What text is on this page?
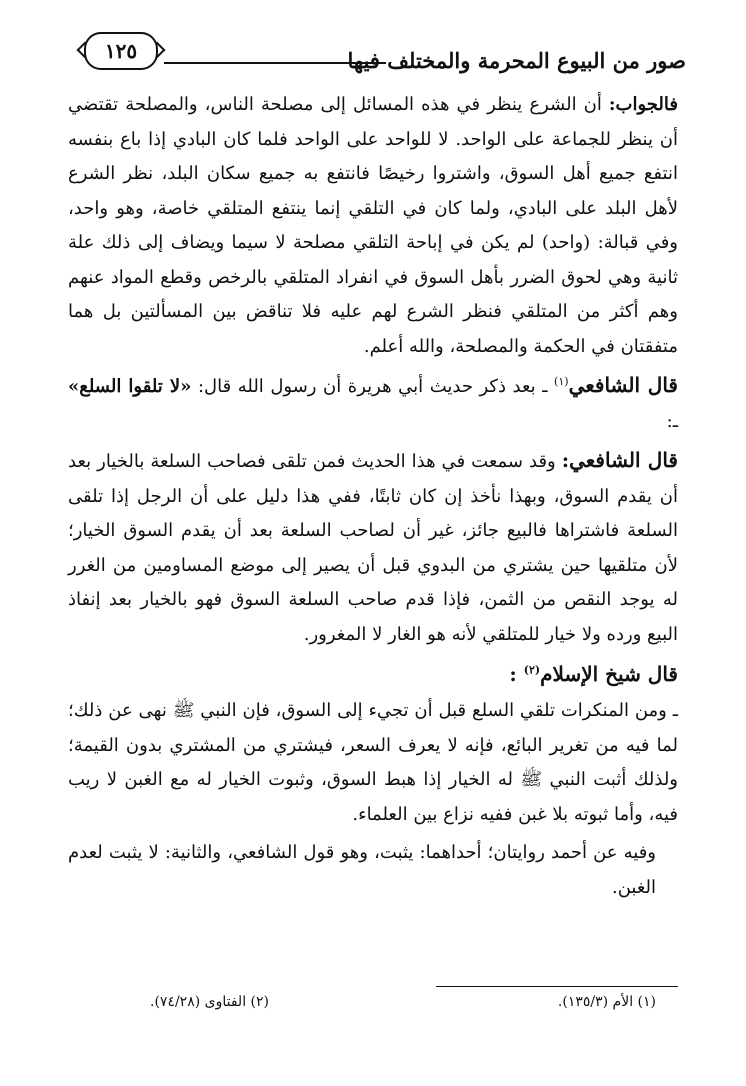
صور من البيوع المحرمة والمختلف فيها
١٢٥

فالجواب: أن الشرع ينظر في هذه المسائل إلى مصلحة الناس، والمصلحة تقتضي أن ينظر للجماعة على الواحد. لا للواحد على الواحد فلما كان البادي إذا باع بنفسه انتفع جميع أهل السوق، واشتروا رخيصًا فانتفع به جميع سكان البلد، نظر الشرع لأهل البلد على البادي، ولما كان في التلقي إنما ينتفع المتلقي خاصة، وهو واحد، وفي قبالة: (واحد) لم يكن في إباحة التلقي مصلحة لا سيما ويضاف إلى ذلك علة ثانية وهي لحوق الضرر بأهل السوق في انفراد المتلقي بالرخص وقطع المواد عنهم وهم أكثر من المتلقي فنظر الشرع لهم عليه فلا تناقض بين المسألتين بل هما متفقتان في الحكمة والمصلحة، والله أعلم.

قال الشافعي$^{(١)}$ ـ بعد ذكر حديث أبي هريرة أن رسول الله قال: «لا تلقوا السلع» ـ:

قال الشافعي: وقد سمعت في هذا الحديث فمن تلقى فصاحب السلعة بالخيار بعد أن يقدم السوق، وبهذا نأخذ إن كان ثابتًا، ففي هذا دليل على أن الرجل إذا تلقى السلعة فاشتراها فالبيع جائز، غير أن لصاحب السلعة بعد أن يقدم السوق الخيار؛ لأن متلقيها حين يشتري من البدوي قبل أن يصير إلى موضع المساومين من الغرر له يوجد النقص من الثمن، فإذا قدم صاحب السلعة السوق فهو بالخيار بعد إنفاذ البيع ورده ولا خيار للمتلقي لأنه هو الغار لا المغرور.

قال شيخ الإسلام$^{(٢)}$ :

ـ ومن المنكرات تلقي السلع قبل أن تجيء إلى السوق، فإن النبي ﷺ نهى عن ذلك؛ لما فيه من تغرير البائع، فإنه لا يعرف السعر، فيشتري من المشتري بدون القيمة؛ ولذلك أثبت النبي ﷺ له الخيار إذا هبط السوق، وثبوت الخيار له مع الغبن لا ريب فيه، وأما ثبوته بلا غبن ففيه نزاع بين العلماء.

وفيه عن أحمد روايتان؛ أحداهما: يثبت، وهو قول الشافعي، والثانية: لا يثبت لعدم الغبن.

(١) الأم (١٣٥/٣).
(٢) الفتاوى (٧٤/٢٨).
